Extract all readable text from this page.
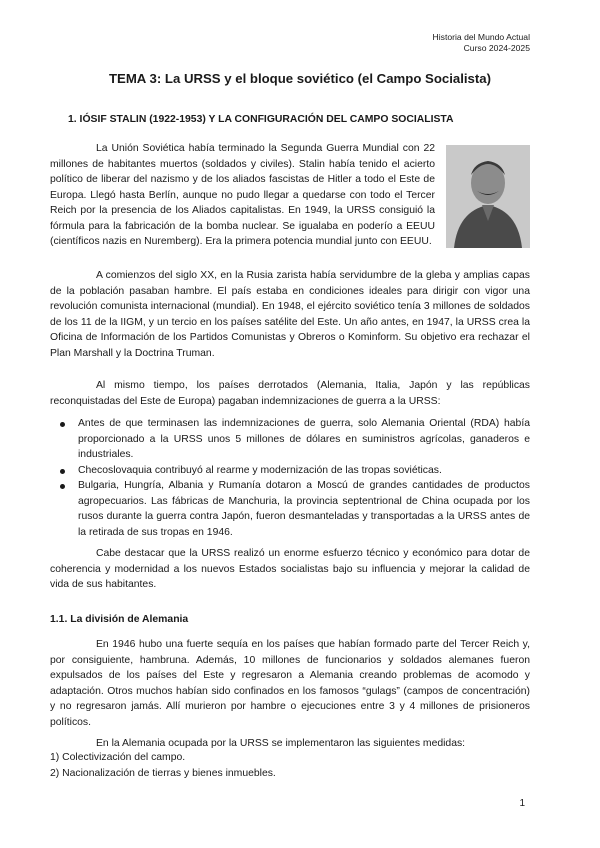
Historia del Mundo Actual
Curso 2024-2025
TEMA 3: La URSS y el bloque soviético (el Campo Socialista)
1. IÓSIF STALIN (1922-1953) Y LA CONFIGURACIÓN DEL CAMPO SOCIALISTA

La Unión Soviética había terminado la Segunda Guerra Mundial con 22 millones de habitantes muertos (soldados y civiles). Stalin había tenido el acierto político de liberar del nazismo y de los aliados fascistas de Hitler a todo el Este de Europa. Llegó hasta Berlín, aunque no pudo llegar a quedarse con todo el Tercer Reich por la presencia de los Aliados capitalistas. En 1949, la URSS consiguió la fórmula para la fabricación de la bomba nuclear. Se igualaba en poderío a EEUU (científicos nazis en Nuremberg). Era la primera potencia mundial junto con EEUU.

A comienzos del siglo XX, en la Rusia zarista había servidumbre de la gleba y amplias capas de la población pasaban hambre. El país estaba en condiciones ideales para dirigir con vigor una revolución comunista internacional (mundial). En 1948, el ejército soviético tenía 3 millones de soldados de los 11 de la IIGM, y un tercio en los países satélite del Este. Un año antes, en 1947, la URSS crea la Oficina de Información de los Partidos Comunistas y Obreros o Kominform. Su objetivo era rechazar el Plan Marshall y la Doctrina Truman.

Al mismo tiempo, los países derrotados (Alemania, Italia, Japón y las repúblicas reconquistadas del Este de Europa) pagaban indemnizaciones de guerra a la URSS:

Antes de que terminasen las indemnizaciones de guerra, solo Alemania Oriental (RDA) había proporcionado a la URSS unos 5 millones de dólares en suministros agrícolas, ganaderos e industriales.
Checoslovaquia contribuyó al rearme y modernización de las tropas soviéticas.
Bulgaria, Hungría, Albania y Rumanía dotaron a Moscú de grandes cantidades de productos agropecuarios. Las fábricas de Manchuria, la provincia septentrional de China ocupada por los rusos durante la guerra contra Japón, fueron desmanteladas y transportadas a la URSS antes de la retirada de sus tropas en 1946.

Cabe destacar que la URSS realizó un enorme esfuerzo técnico y económico para dotar de coherencia y modernidad a los nuevos Estados socialistas bajo su influencia y mejorar la calidad de vida de sus habitantes.

1.1. La división de Alemania

En 1946 hubo una fuerte sequía en los países que habían formado parte del Tercer Reich y, por consiguiente, hambruna. Además, 10 millones de funcionarios y soldados alemanes fueron expulsados de los países del Este y regresaron a Alemania creando problemas de acomodo y adaptación. Otros muchos habían sido confinados en los famosos “gulags” (campos de concentración) y no regresaron jamás. Allí murieron por hambre o ejecuciones entre 3 y 4 millones de prisioneros políticos.

En la Alemania ocupada por la URSS se implementaron las siguientes medidas:

1) Colectivización del campo.
2) Nacionalización de tierras y bienes inmuebles.
1
